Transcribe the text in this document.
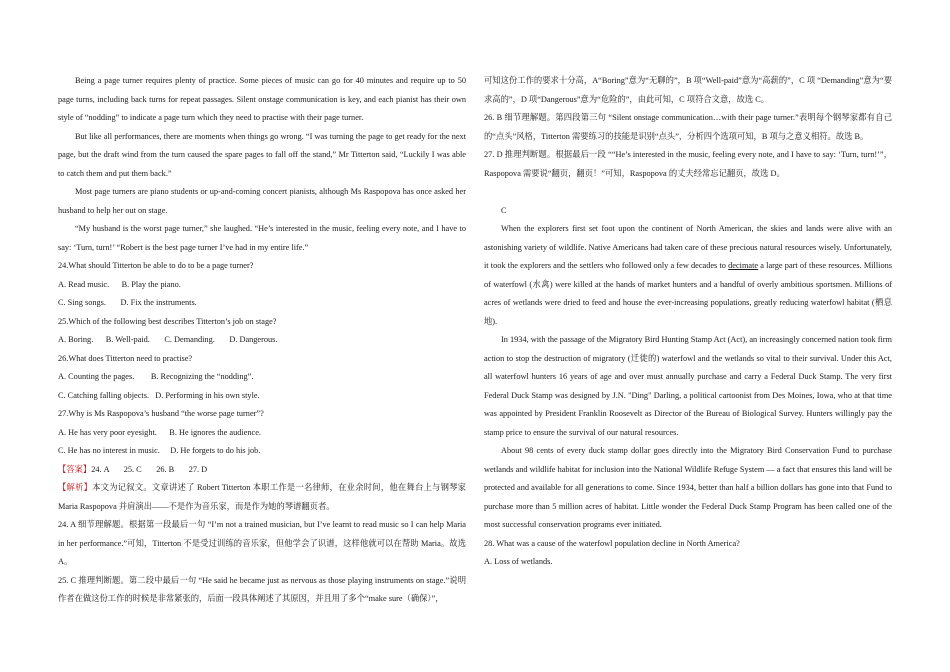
Being a page turner requires plenty of practice. Some pieces of music can go for 40 minutes and require up to 50 page turns, including back turns for repeat passages. Silent onstage communication is key, and each pianist has their own style of “nodding” to indicate a page turn which they need to practise with their page turner.

But like all performances, there are moments when things go wrong. “I was turning the page to get ready for the next page, but the draft wind from the turn caused the spare pages to fall off the stand,” Mr Titterton said, “Luckily I was able to catch them and put them back.”

Most page turners are piano students or up-and-coming concert pianists, although Ms Raspopova has once asked her husband to help her out on stage.

“My husband is the worst page turner,” she laughed. “He’s interested in the music, feeling every note, and I have to say: ‘Turn, turn!’ “Robert is the best page turner I’ve had in my entire life.”

24.What should Titterton be able to do to be a page turner?

A. Read music.      B. Play the piano.

C. Sing songs.       D. Fix the instruments.

25.Which of the following best describes Titterton’s job on stage?

A. Boring.      B. Well-paid.       C. Demanding.       D. Dangerous.

26.What does Titterton need to practise?

A. Counting the pages.        B. Recognizing the “nodding”.

C. Catching falling objects.   D. Performing in his own style.

27.Why is Ms Raspopova’s husband “the worse page turner”?

A. He has very poor eyesight.      B. He ignores the audience.

C. He has no interest in music.     D. He forgets to do his job.

【答案】24. A       25. C       26. B       27. D

【解析】本文为记叙文。文章讲述了 Robert Titterton 本职工作是一名律师，在业余时间，他在舞台上与钢琴家 Maria Raspopova 并肩演出——不是作为音乐家，而是作为她的琴谱翻页者。

24. A 细节理解题。根据第一段最后一句 “I’m not a trained musician, but I’ve learnt to read music so I can help Maria in her performance.”可知，Titterton 不是受过训练的音乐家，但他学会了识谱，这样他就可以在帮助 Maria。故选 A。

25. C 推理判断题。第二段中最后一句 “He said he became just as nervous as those playing instruments on stage.”说明作者在做这份工作的时候是非常紧张的，后面一段具体阐述了其原因，并且用了多个“make sure（确保）”，

可知这份工作的要求十分高，A“Boring”意为“无聊的”，B 项“Well-paid”意为“高薪的”，C 项 “Demanding”意为“要求高的”，D 项“Dangerous”意为“危险的”，由此可知，C 项符合文意，故选 C。

26. B 细节理解题。第四段第三句 “Silent onstage communication…with their page turner.”表明每个钢琴家都有自己的“点头”风格，Titterton 需要练习的技能是识别“点头”，分析四个选项可知，B 项与之意义相符。故选 B。

27. D 推理判断题。根据最后一段 ““He’s interested in the music, feeling every note, and I have to say: ‘Turn, turn!’”，Raspopova 需要说“翻页，翻页！”可知，Raspopova 的丈夫经常忘记翻页，故选 D。

C

When the explorers first set foot upon the continent of North American, the skies and lands were alive with an astonishing variety of wildlife. Native Americans had taken care of these precious natural resources wisely. Unfortunately, it took the explorers and the settlers who followed only a few decades to decimate a large part of these resources. Millions of waterfowl (水禽) were killed at the hands of market hunters and a handful of overly ambitious sportsmen. Millions of acres of wetlands were dried to feed and house the ever-increasing populations, greatly reducing waterfowl habitat (栖息地).

In 1934, with the passage of the Migratory Bird Hunting Stamp Act (Act), an increasingly concerned nation took firm action to stop the destruction of migratory (迁徙的) waterfowl and the wetlands so vital to their survival. Under this Act, all waterfowl hunters 16 years of age and over must annually purchase and carry a Federal Duck Stamp. The very first Federal Duck Stamp was designed by J.N. "Ding" Darling, a political cartoonist from Des Moines, Iowa, who at that time was appointed by President Franklin Roosevelt as Director of the Bureau of Biological Survey. Hunters willingly pay the stamp price to ensure the survival of our natural resources.

About 98 cents of every duck stamp dollar goes directly into the Migratory Bird Conservation Fund to purchase wetlands and wildlife habitat for inclusion into the National Wildlife Refuge System — a fact that ensures this land will be protected and available for all generations to come. Since 1934, better than half a billion dollars has gone into that Fund to purchase more than 5 million acres of habitat. Little wonder the Federal Duck Stamp Program has been called one of the most successful conservation programs ever initiated.

28. What was a cause of the waterfowl population decline in North America?

A. Loss of wetlands.
